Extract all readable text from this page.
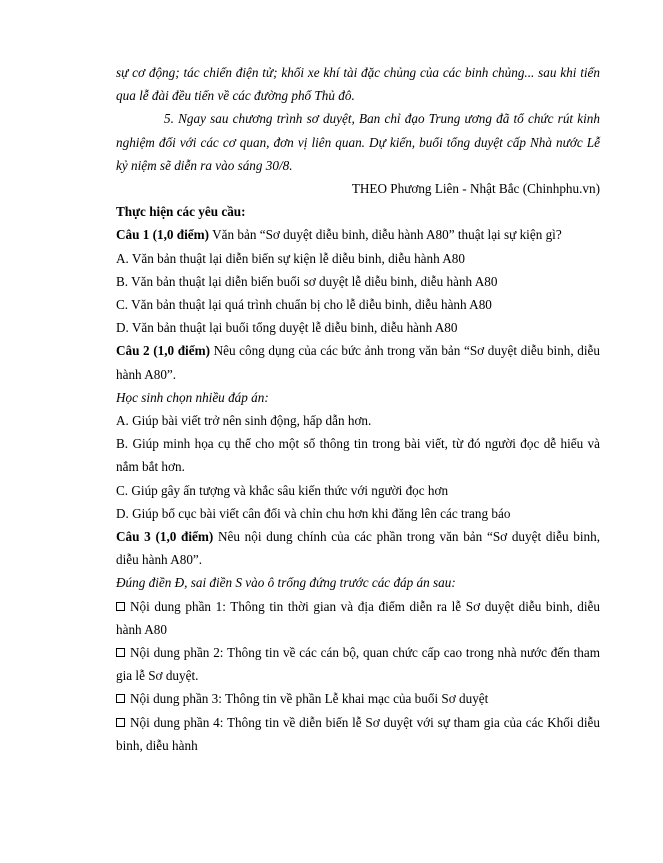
sự cơ động; tác chiến điện tử; khối xe khí tài đặc chủng của các binh chủng... sau khi tiến qua lễ đài đều tiến về các đường phố Thủ đô.

5. Ngay sau chương trình sơ duyệt, Ban chỉ đạo Trung ương đã tổ chức rút kinh nghiệm đối với các cơ quan, đơn vị liên quan. Dự kiến, buổi tổng duyệt cấp Nhà nước Lễ kỷ niệm sẽ diễn ra vào sáng 30/8.

THEO Phương Liên - Nhật Bắc (Chinhphu.vn)

Thực hiện các yêu cầu:

Câu 1 (1,0 điểm) Văn bản “Sơ duyệt diễu binh, diễu hành A80” thuật lại sự kiện gì?

A. Văn bản thuật lại diễn biến sự kiện lễ diễu binh, diễu hành A80

B. Văn bản thuật lại diễn biến buổi sơ duyệt lễ diễu binh, diễu hành A80

C. Văn bản thuật lại quá trình chuẩn bị cho lễ diễu binh, diễu hành A80

D. Văn bản thuật lại buổi tổng duyệt lễ diễu binh, diễu hành A80

Câu 2 (1,0 điểm) Nêu công dụng của các bức ảnh trong văn bản “Sơ duyệt diễu binh, diễu hành A80”.

Học sinh chọn nhiều đáp án:

A. Giúp bài viết trở nên sinh động, hấp dẫn hơn.

B. Giúp minh họa cụ thể cho một số thông tin trong bài viết, từ đó người đọc dễ hiểu và nắm bắt hơn.

C. Giúp gây ấn tượng và khắc sâu kiến thức với người đọc hơn

D. Giúp bố cục bài viết cân đối và chỉn chu hơn khi đăng lên các trang báo

Câu 3 (1,0 điểm) Nêu nội dung chính của các phần trong văn bản “Sơ duyệt diễu binh, diễu hành A80”.

Đúng điền Đ, sai điền S vào ô trống đứng trước các đáp án sau:

Nội dung phần 1: Thông tin thời gian và địa điểm diễn ra lễ Sơ duyệt diễu binh, diễu hành A80

Nội dung phần 2: Thông tin về các cán bộ, quan chức cấp cao trong nhà nước đến tham gia lễ Sơ duyệt.

Nội dung phần 3: Thông tin về phần Lễ khai mạc của buổi Sơ duyệt

Nội dung phần 4: Thông tin về diễn biến lễ Sơ duyệt với sự tham gia của các Khối diễu binh, diễu hành
